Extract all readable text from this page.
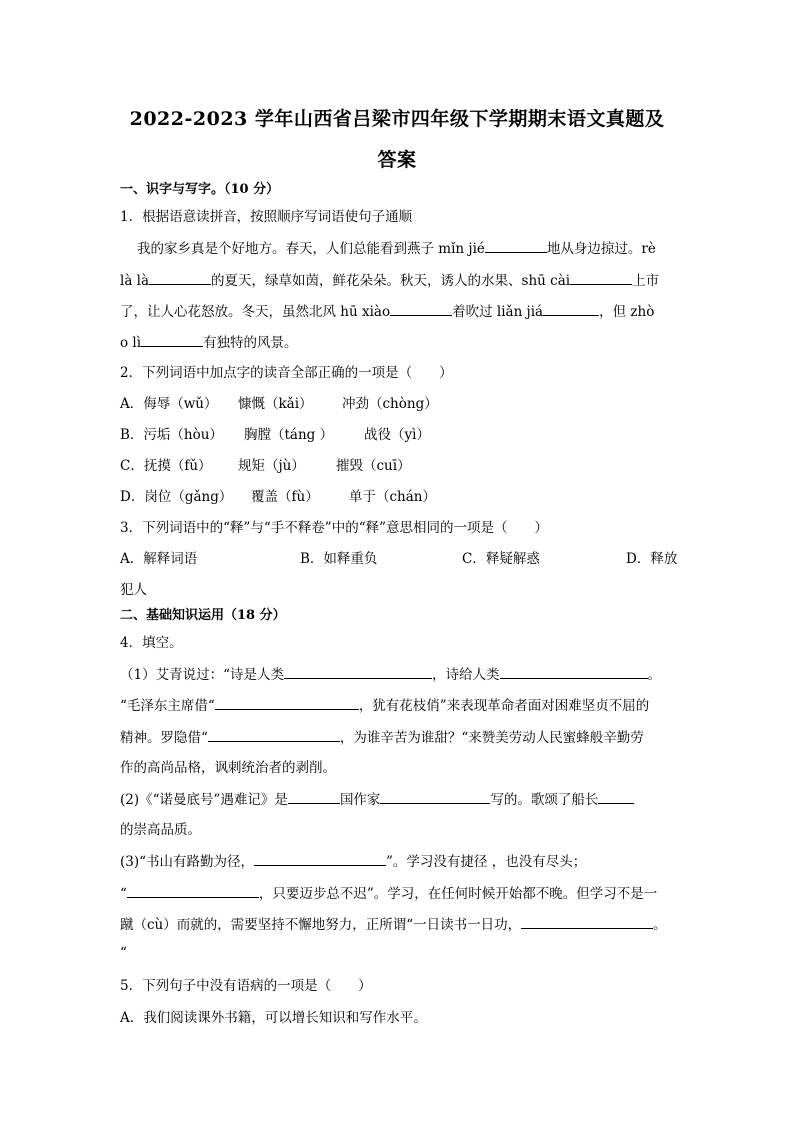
2022-2023 学年山西省吕梁市四年级下学期期末语文真题及
答案
一、识字与写字。（10 分）
1．根据语意读拼音，按照顺序写词语使句子通顺
我的家乡真是个好地方。春天，人们总能看到燕子 mǐn jié	地从身边掠过。rè
là là	的夏天，绿草如茵，鲜花朵朵。秋天，诱人的水果、shū cài	上市
了，让人心花怒放。冬天，虽然北风 hū xiào	着吹过 liǎn jiá	，但 zhò
o lì	有独特的风景。
2．下列词语中加点字的读音全部正确的一项是（　　）
A．侮辱（wǔ） 慷慨（kǎi） 冲劲（chòng）
B．污垢（hòu） 胸膛（táng ） 战役（yì）
C．抚摸（fǔ） 规矩（jù） 摧毁（cuī）
D．岗位（gǎng） 覆盖（fù） 单于（chán）
3．下列词语中的“释”与“手不释卷”中的“释”意思相同的一项是（　　）
A．解释词语	B．如释重负	C．释疑解惑	D．释放
犯人
二、基础知识运用（18 分）
4．填空。
（1）艾青说过：“诗是人类	，诗给人类	。
“毛泽东主席借“	，犹有花枝俏”来表现革命者面对困难坚贞不屈的
精神。罗隐借“	，为谁辛苦为谁甜？“来赞美劳动人民蜜蜂般辛勤劳
作的高尚品格，讽刺统治者的剥削。
(2)《“诺曼底号”遇难记》是	国作家	写的。歌颂了船长
的崇高品质。
(3)“书山有路勤为径，	”。学习没有捷径 ，也没有尽头；
“	，只要迈步总不迟”。学习，在任何时候开始都不晚。但学习不是一
蹴（cù）而就的，需要坚持不懈地努力，正所谓“一日读书一日功，	。
“
5．下列句子中没有语病的一项是（　　）
A．我们阅读课外书籍，可以增长知识和写作水平。
